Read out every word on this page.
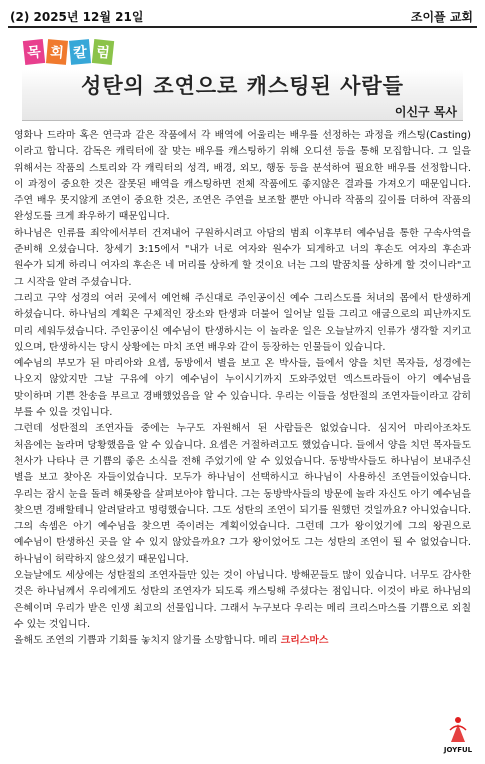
(2) 2025년 12월 21일	조이플 교회
목 회 칼 럼
성탄의 조연으로 캐스팅된 사람들
이신구 목사

영화나 드라마 혹은 연극과 같은 작품에서 각 배역에 어울리는 배우를 선정하는 과정을 캐스팅(Casting)이라고 합니다. 감독은 캐릭터에 잘 맞는 배우를 캐스팅하기 위해 오디션 등을 통해 모집합니다. 그 일을 위해서는 작품의 스토리와 각 캐릭터의 성격, 배경, 외모, 행동 등을 분석하여 필요한 배우를 선정합니다. 이 과정이 중요한 것은 잘못된 배역을 캐스팅하면 전체 작품에도 좋지않은 결과를 가져오기 때문입니다. 주연 배우 못지않게 조연이 중요한 것은, 조연은 주연을 보조할 뿐만 아니라 작품의 깊이를 더하여 작품의 완성도를 크게 좌우하기 때문입니다.

하나님은 인류를 죄악에서부터 건져내어 구원하시려고 아담의 범죄 이후부터 예수님을 통한 구속사역을 준비해 오셨습니다. 창세기 3:15에서 "내가 너로 여자와 원수가 되게하고 너의 후손도 여자의 후손과 원수가 되게 하리니 여자의 후손은 네 머리를 상하게 할 것이요 너는 그의 발꿈치를 상하게 할 것이니라"고 그 시작을 알려 주셨습니다.

그리고 구약 성경의 여러 곳에서 예언해 주신대로 주인공이신 예수 그리스도를 처녀의 몸에서 탄생하게 하셨습니다. 하나님의 계획은 구체적인 장소와 탄생과 더불어 일어날 일들 그리고 애굽으로의 피난까지도 미리 세워두셨습니다. 주인공이신 예수님이 탄생하시는 이 놀라운 일은 오늘날까지 인류가 생각할 지키고 있으며, 탄생하시는 당시 상황에는 마치 조연 배우와 같이 등장하는 인물들이 있습니다.

예수님의 부모가 된 마리아와 요셉, 동방에서 별을 보고 온 박사들, 들에서 양을 치던 목자들, 성경에는 나오지 않았지만 그날 구유에 아기 예수님이 누이시기까지 도와주었던 엑스트라들이 아기 예수님을 맞이하며 기쁜 찬송을 부르고 경배했었음을 알 수 있습니다. 우리는 이들을 성탄절의 조연자들이라고 감히 부를 수 있을 것입니다.

그런데 성탄절의 조연자들 중에는 누구도 자원해서 된 사람들은 없었습니다. 심지어 마리아조차도 처음에는 놀라며 당황했음을 알 수 있습니다. 요셉은 거절하려고도 했었습니다. 들에서 양을 치던 목자들도 천사가 나타나 큰 기쁨의 좋은 소식을 전해 주었기에 알 수 있었습니다. 동방박사들도 하나님이 보내주신 별을 보고 찾아온 자들이었습니다. 모두가 하나님이 선택하시고 하나님이 사용하신 조연들이었습니다. 우리는 잠시 눈을 돌려 해롯왕을 살펴보아야 합니다. 그는 동방박사들의 방문에 놀라 자신도 아기 예수님을 찾으면 경배할테니 알려달라고 명령했습니다. 그도 성탄의 조연이 되기를 원했던 것일까요? 아니었습니다. 그의 속셈은 아기 예수님을 찾으면 죽이려는 계획이었습니다. 그런데 그가 왕이었기에 그의 왕권으로 예수님이 탄생하신 곳을 알 수 있지 않았을까요? 그가 왕이었어도 그는 성탄의 조연이 될 수 없었습니다. 하나님이 허락하지 않으셨기 때문입니다.

오늘날에도 세상에는 성탄절의 조연자들만 있는 것이 아닙니다. 방해꾼들도 많이 있습니다. 너무도 감사한 것은 하나님께서 우리에게도 성탄의 조연자가 되도록 캐스팅해 주셨다는 점입니다. 이것이 바로 하나님의 은혜이며 우리가 받은 인생 최고의 선물입니다. 그래서 누구보다 우리는 메리 크리스마스를 기쁨으로 외칠 수 있는 것입니다.

올해도 조연의 기쁨과 기회를 놓치지 않기를 소망합니다. 메리 크리스마스

JOYFUL
